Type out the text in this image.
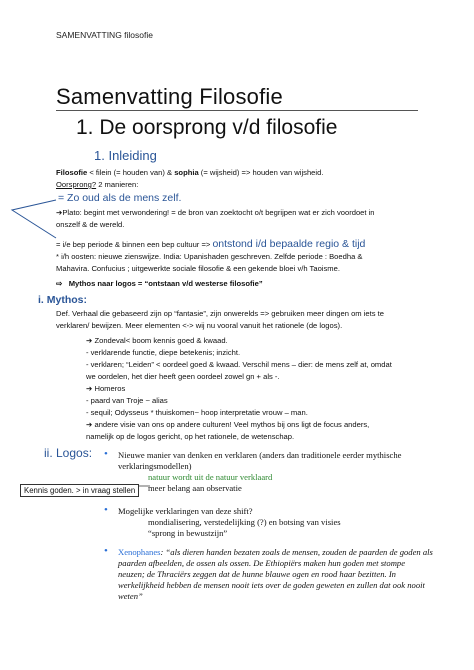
SAMENVATTING filosofie
Samenvatting Filosofie
1. De oorsprong v/d filosofie
1. Inleiding
Filosofie < filein (= houden van) & sophia (= wijsheid) => houden van wijsheid.
Oorsprong? 2 manieren:
= Zo oud als de mens zelf.
➔Plato: begint met verwondering! = de bron van zoektocht o/t begrijpen wat er zich voordoet in
onszelf & de wereld.
= i/e bep periode & binnen een bep cultuur => ontstond i/d bepaalde regio & tijd
* i/h oosten: nieuwe zienswijze. India: Upanishaden geschreven. Zelfde periode : Boedha &
Mahavira. Confucius ; uitgewerkte sociale filosofie & een gekende bloei v/h Taoisme.
⇨ Mythos naar logos = “ontstaan v/d westerse filosofie”
i. Mythos:
Def. Verhaal die gebaseerd zijn op “fantasie”, zijn onwerelds => gebruiken meer dingen om iets te
verklaren/ bewijzen. Meer elementen <-> wij nu vooral vanuit het rationele (de logos).
➔ Zondeval< boom kennis goed & kwaad.
- verklarende functie, diepe betekenis; inzicht.
- verklaren; “Leiden” < oordeel goed & kwaad. Verschil mens – dier: de mens zelf at, omdat
we oordelen, het dier heeft geen oordeel zowel gn + als -.
➔ Homeros
- paard van Troje ~ alias
- sequil; Odysseus * thuiskomen~ hoop interpretatie vrouw – man.
➔ andere visie van ons op andere culturen! Veel mythos bij ons ligt de focus anders,
namelijk op de logos gericht, op het rationele, de wetenschap.
ii. Logos: • Nieuwe manier van denken en verklaren (anders dan traditionele eerder mythische
verklaringsmodellen)
natuur wordt uit de natuur verklaard
meer belang aan observatie
• Mogelijke verklaringen van deze shift?
mondialisering, verstedelijking (?) en botsing van visies
“sprong in bewustzijn”
• Xenophanes: “als dieren handen bezaten zoals de mensen, zouden de paarden de goden als
paarden afbeelden, de ossen als ossen. De Ethiopiërs maken hun goden met stompe
neuzen; de Thraciërs zeggen dat de hunne blauwe ogen en rood haar bezitten. In
werkelijkheid hebben de mensen nooit iets over de goden geweten en zullen dat ook nooit
weten”
Kennis goden. > in vraag stellen
